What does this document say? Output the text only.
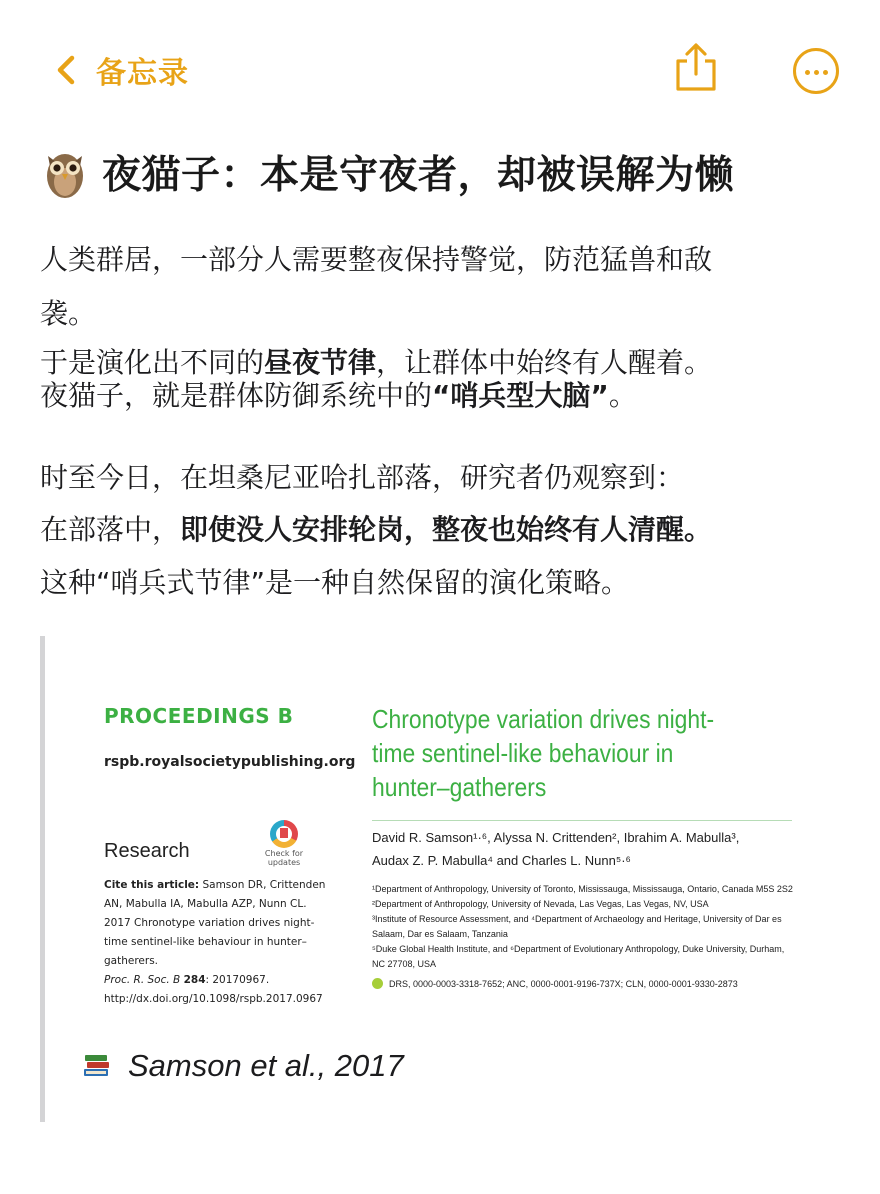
备忘录
夜猫子：本是守夜者，却被误解为懒
人类群居，一部分人需要整夜保持警觉，防范猛兽和敌
袭。
于是演化出不同的昼夜节律，让群体中始终有人醒着。
夜猫子，就是群体防御系统中的“哨兵型大脑”。
时至今日，在坦桑尼亚哈扎部落，研究者仍观察到：
在部落中，即使没人安排轮岗，整夜也始终有人清醒。
这种“哨兵式节律”是一种自然保留的演化策略。
PROCEEDINGS B
rspb.royalsocietypublishing.org
Research	Check for updates
Cite this article: Samson DR, Crittenden AN, Mabulla IA, Mabulla AZP, Nunn CL. 2017 Chronotype variation drives night-time sentinel-like behaviour in hunter–gatherers.
Proc. R. Soc. B 284: 20170967.
http://dx.doi.org/10.1098/rspb.2017.0967
Chronotype variation drives night-time sentinel-like behaviour in hunter–gatherers
David R. Samson¹·⁶, Alyssa N. Crittenden², Ibrahim A. Mabulla³,
Audax Z. P. Mabulla⁴ and Charles L. Nunn⁵·⁶
¹Department of Anthropology, University of Toronto, Mississauga, Mississauga, Ontario, Canada M5S 2S2
²Department of Anthropology, University of Nevada, Las Vegas, Las Vegas, NV, USA
³Institute of Resource Assessment, and ⁴Department of Archaeology and Heritage, University of Dar es Salaam, Dar es Salaam, Tanzania
⁵Duke Global Health Institute, and ⁶Department of Evolutionary Anthropology, Duke University, Durham, NC 27708, USA
DRS, 0000-0003-3318-7652; ANC, 0000-0001-9196-737X; CLN, 0000-0001-9330-2873
Samson et al., 2017
